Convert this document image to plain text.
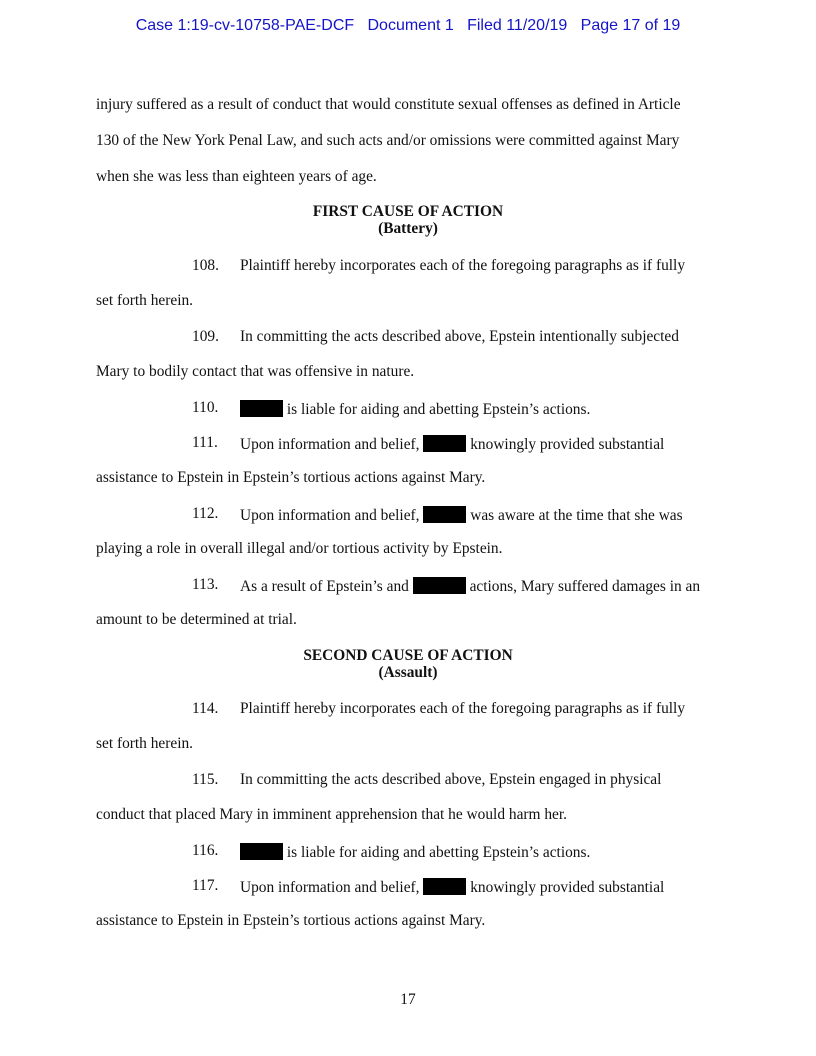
Case 1:19-cv-10758-PAE-DCF Document 1 Filed 11/20/19 Page 17 of 19
injury suffered as a result of conduct that would constitute sexual offenses as defined in Article
130 of the New York Penal Law, and such acts and/or omissions were committed against Mary
when she was less than eighteen years of age.
FIRST CAUSE OF ACTION
(Battery)
108. Plaintiff hereby incorporates each of the foregoing paragraphs as if fully
set forth herein.
109. In committing the acts described above, Epstein intentionally subjected
Mary to bodily contact that was offensive in nature.
110.	is liable for aiding and abetting Epstein’s actions.
111. Upon information and belief,	knowingly provided substantial
assistance to Epstein in Epstein’s tortious actions against Mary.
112. Upon information and belief,	was aware at the time that she was
playing a role in overall illegal and/or tortious activity by Epstein.
113. As a result of Epstein’s and	actions, Mary suffered damages in an
amount to be determined at trial.
SECOND CAUSE OF ACTION
(Assault)
114. Plaintiff hereby incorporates each of the foregoing paragraphs as if fully
set forth herein.
115. In committing the acts described above, Epstein engaged in physical
conduct that placed Mary in imminent apprehension that he would harm her.
116.	is liable for aiding and abetting Epstein’s actions.
117. Upon information and belief,	knowingly provided substantial
assistance to Epstein in Epstein’s tortious actions against Mary.
17
